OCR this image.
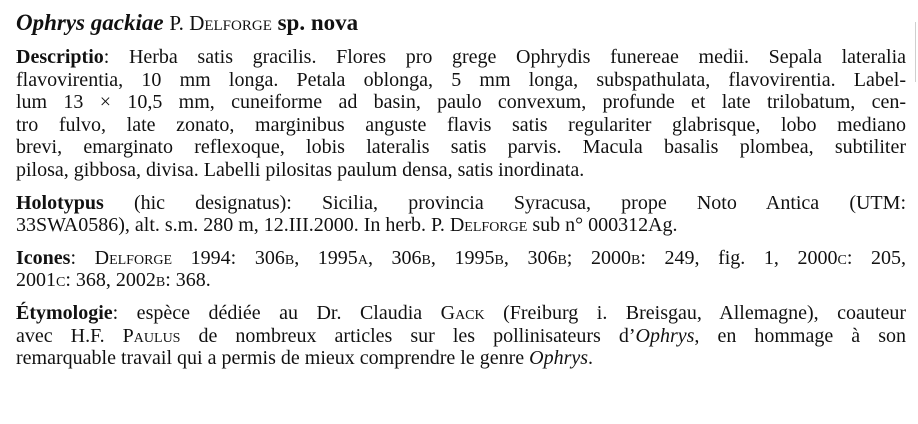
Ophrys gackiae P. Delforge sp. nova
Descriptio: Herba satis gracilis. Flores pro grege Ophrydis funereae medii. Sepala lateralia
flavovirentia, 10 mm longa. Petala oblonga, 5 mm longa, subspathulata, flavovirentia. Label-
lum 13 × 10,5 mm, cuneiforme ad basin, paulo convexum, profunde et late trilobatum, cen-
tro fulvo, late zonato, marginibus anguste flavis satis regulariter glabrisque, lobo mediano
brevi, emarginato reflexoque, lobis lateralis satis parvis. Macula basalis plombea, subtiliter
pilosa, gibbosa, divisa. Labelli pilositas paulum densa, satis inordinata.
Holotypus (hic designatus): Sicilia, provincia Syracusa, prope Noto Antica (UTM:
33SWA0586), alt. s.m. 280 m, 12.III.2000. In herb. P. Delforge sub n° 000312Ag.
Icones: Delforge 1994: 306b, 1995a, 306b, 1995b, 306b; 2000b: 249, fig. 1, 2000c: 205,
2001c: 368, 2002b: 368.
Étymologie: espèce dédiée au Dr. Claudia Gack (Freiburg i. Breisgau, Allemagne), coauteur
avec H.F. Paulus de nombreux articles sur les pollinisateurs d’Ophrys, en hommage à son
remarquable travail qui a permis de mieux comprendre le genre Ophrys.
